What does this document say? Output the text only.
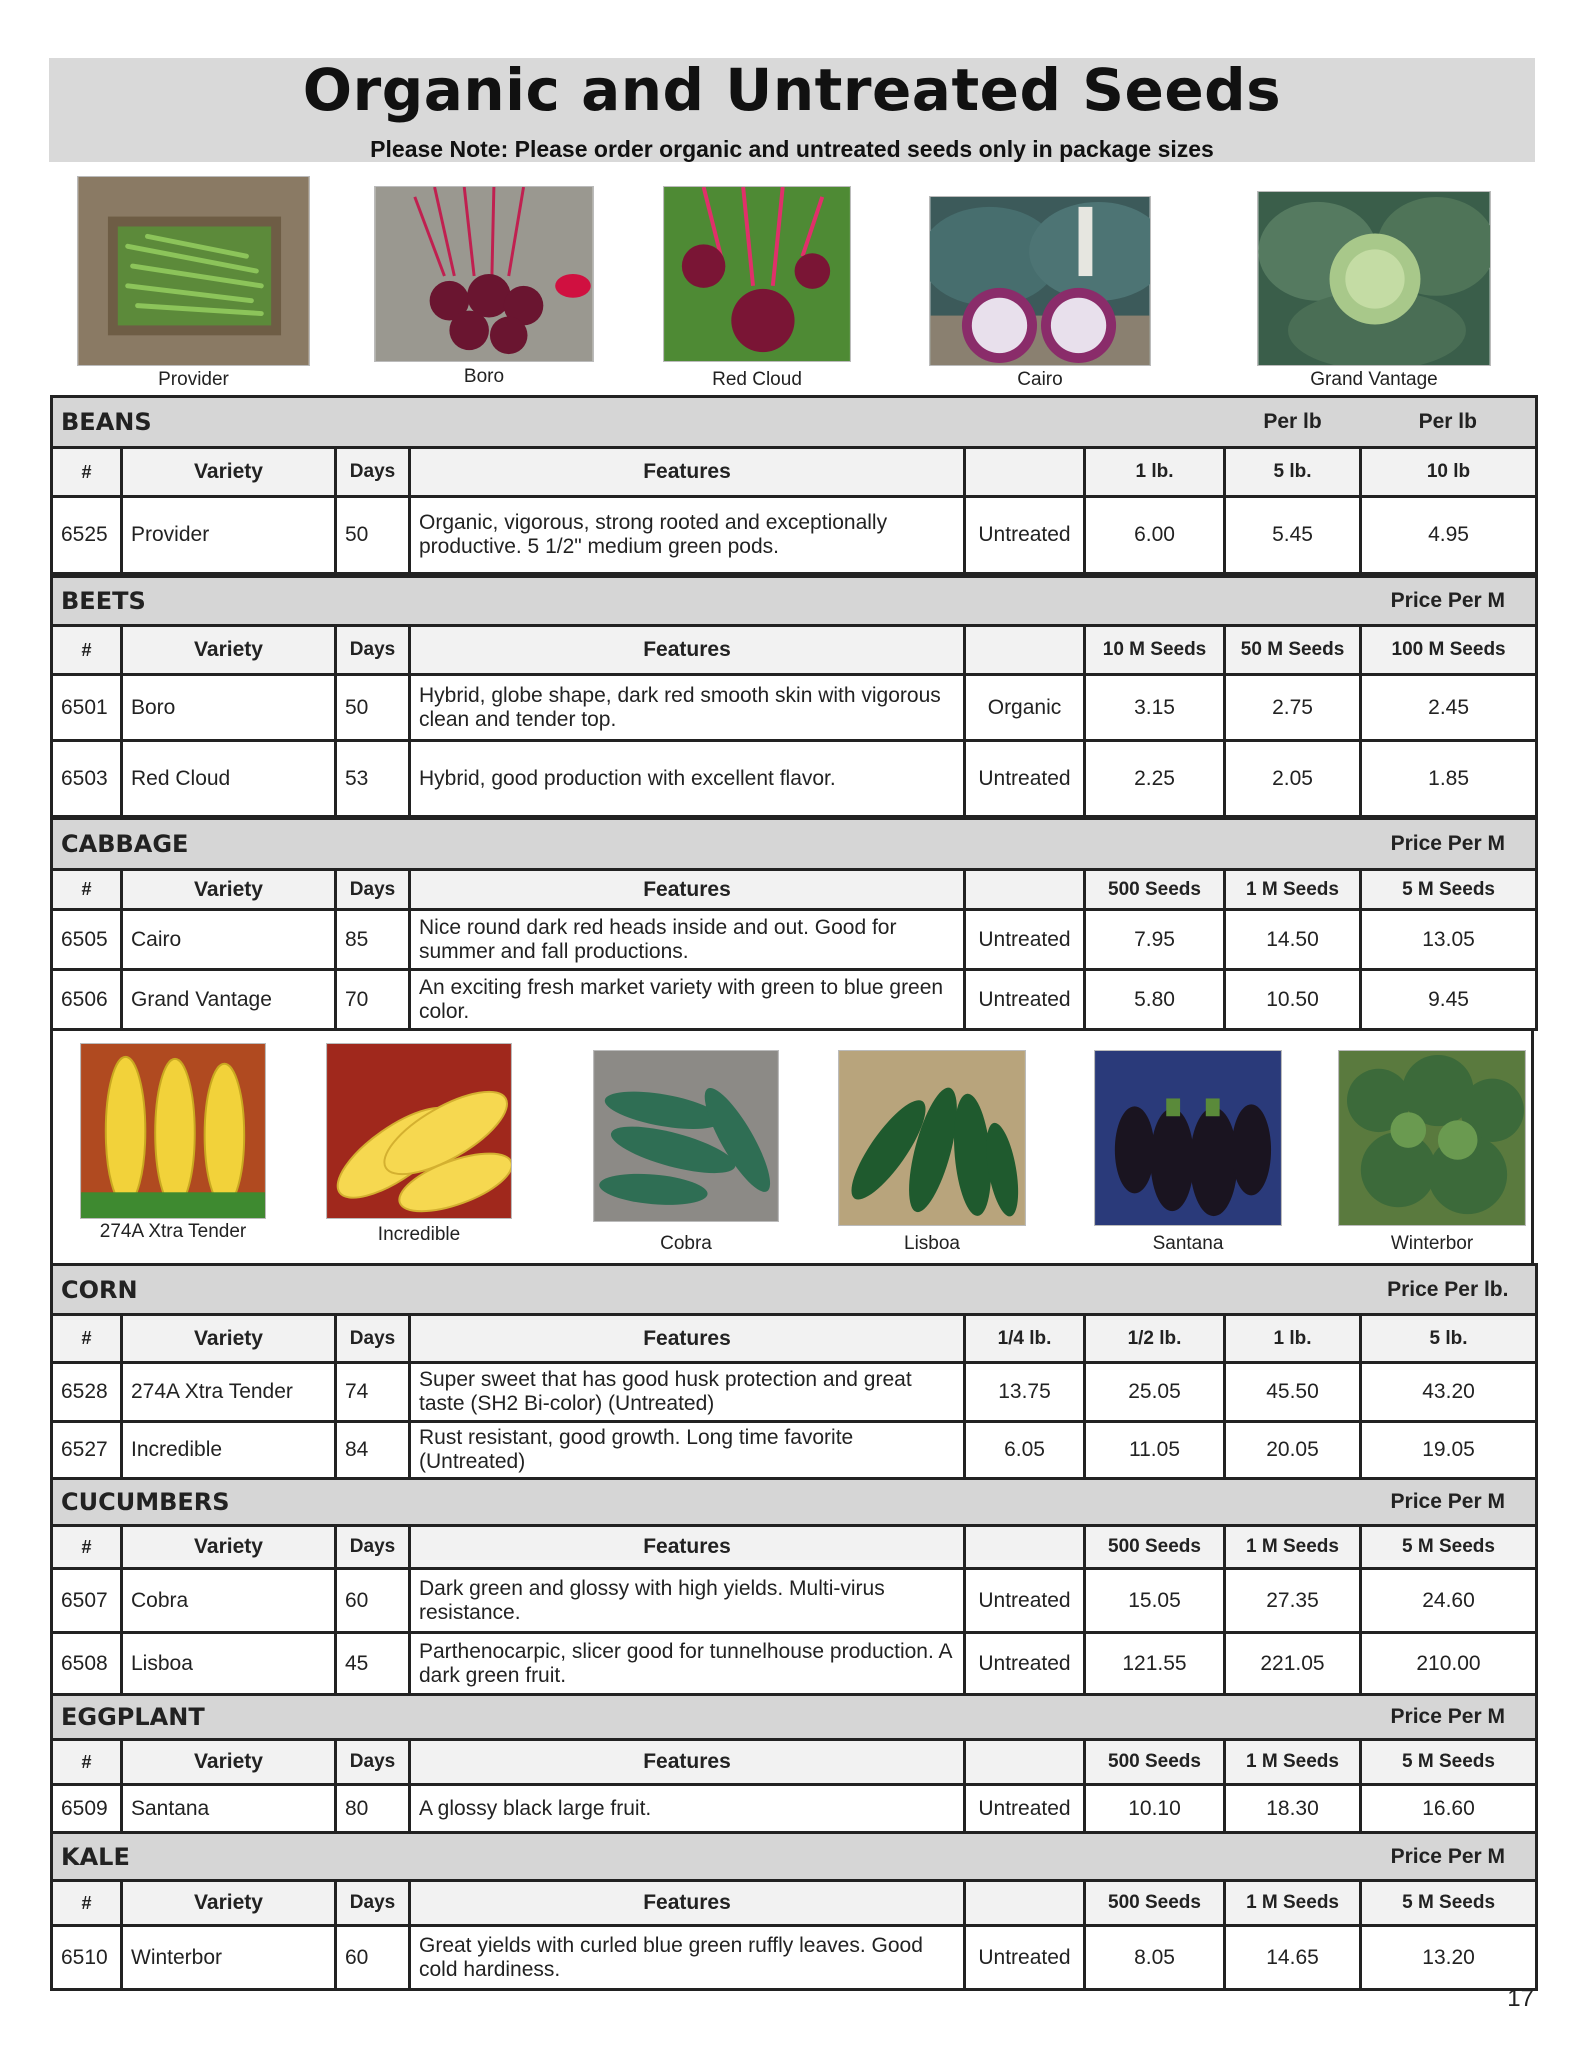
Organic and Untreated Seeds
Please Note: Please order organic and untreated seeds only in package sizes
Provider	Boro	Red Cloud	Cairo	Grand Vantage
BEANS						Per lb	Per lb
#	Variety	Days	Features		1 lb.	5 lb.	10 lb
6525	Provider	50	Organic, vigorous, strong rooted and exceptionally productive. 5 1/2" medium green pods.	Untreated	6.00	5.45	4.95
BEETS							Price Per M
#	Variety	Days	Features		10 M Seeds	50 M Seeds	100 M Seeds
6501	Boro	50	Hybrid, globe shape, dark red smooth skin with vigorous clean and tender top.	Organic	3.15	2.75	2.45
6503	Red Cloud	53	Hybrid, good production with excellent flavor.	Untreated	2.25	2.05	1.85
CABBAGE							Price Per M
#	Variety	Days	Features		500 Seeds	1 M Seeds	5 M Seeds
6505	Cairo	85	Nice round dark red heads inside and out. Good for summer and fall productions.	Untreated	7.95	14.50	13.05
6506	Grand Vantage	70	An exciting fresh market variety with green to blue green color.	Untreated	5.80	10.50	9.45
274A Xtra Tender	Incredible	Cobra	Lisboa	Santana	Winterbor
CORN							Price Per lb.
#	Variety	Days	Features	1/4 lb.	1/2 lb.	1 lb.	5 lb.
6528	274A Xtra Tender	74	Super sweet that has good husk protection and great taste (SH2 Bi-color) (Untreated)	13.75	25.05	45.50	43.20
6527	Incredible	84	Rust resistant, good growth. Long time favorite (Untreated)	6.05	11.05	20.05	19.05
CUCUMBERS							Price Per M
#	Variety	Days	Features		500 Seeds	1 M Seeds	5 M Seeds
6507	Cobra	60	Dark green and glossy with high yields. Multi-virus resistance.	Untreated	15.05	27.35	24.60
6508	Lisboa	45	Parthenocarpic, slicer good for tunnelhouse production. A dark green fruit.	Untreated	121.55	221.05	210.00
EGGPLANT							Price Per M
#	Variety	Days	Features		500 Seeds	1 M Seeds	5 M Seeds
6509	Santana	80	A glossy black large fruit.	Untreated	10.10	18.30	16.60
KALE							Price Per M
#	Variety	Days	Features		500 Seeds	1 M Seeds	5 M Seeds
6510	Winterbor	60	Great yields with curled blue green ruffly leaves. Good cold hardiness.	Untreated	8.05	14.65	13.20
17
